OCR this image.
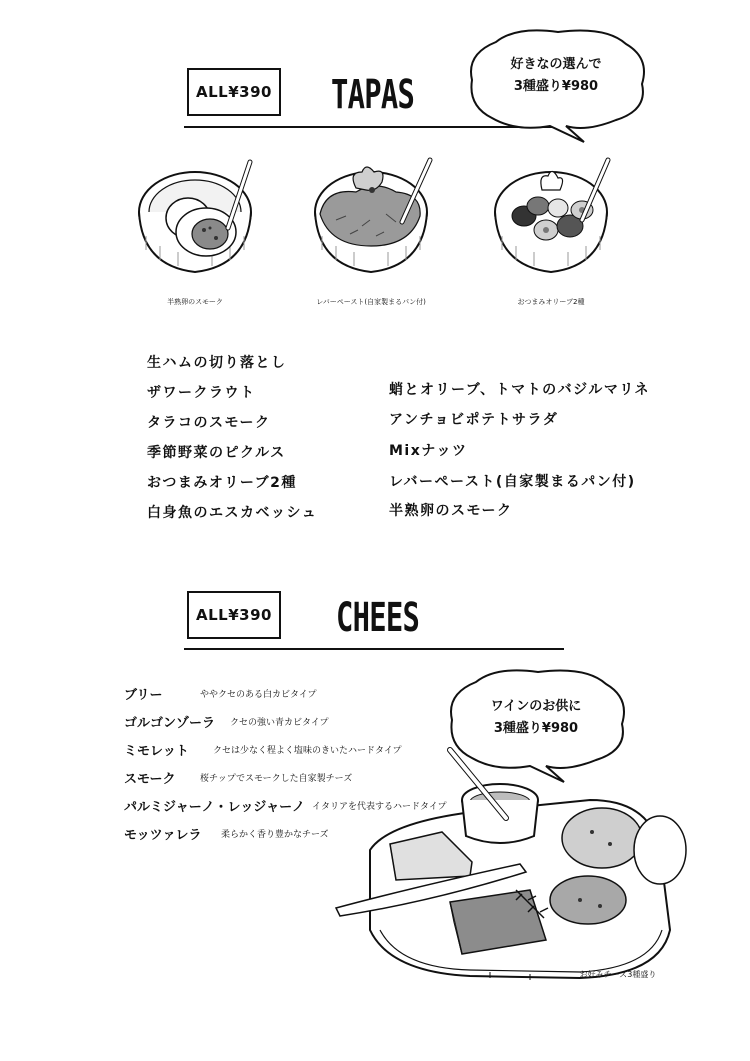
ALL¥390 TAPAS
好きなの選んで
3種盛り¥980
半熟卵のスモーク	レバーペースト(自家製まるパン付)	おつまみオリーブ2種
生ハムの切り落とし
ザワークラウト
タラコのスモーク
季節野菜のピクルス
おつまみオリーブ2種
白身魚のエスカベッシュ
蛸とオリーブ、トマトのバジルマリネ
アンチョビポテトサラダ
Mixナッツ
レバーペースト(自家製まるパン付)
半熟卵のスモーク
ALL¥390 CHEES
お好みチーズ3種盛り
ワインのお供に
3種盛り¥980
ブリー	ややクセのある白カビタイプ
ゴルゴンゾーラ クセの強い青カビタイプ
ミモレット	クセは少なく程よく塩味のきいたハードタイプ
スモーク	桜チップでスモークした自家製チーズ
パルミジャーノ・レッジャーノ イタリアを代表するハードタイプ
モッツァレラ 柔らかく香り豊かなチーズ
